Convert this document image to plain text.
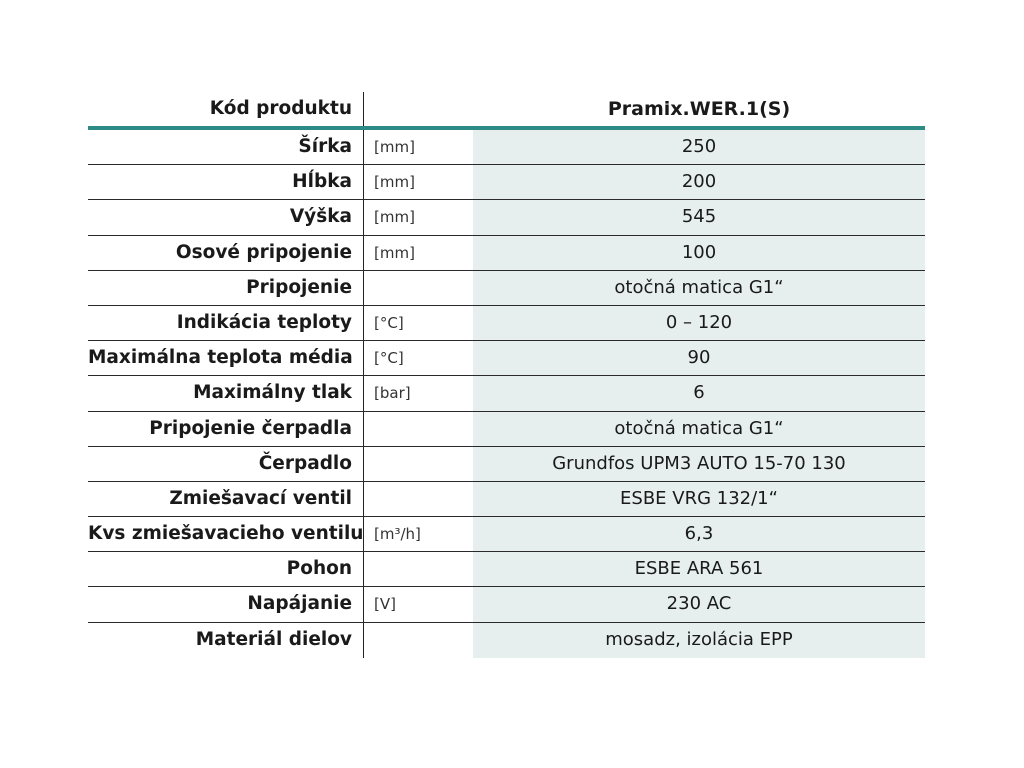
Kód produktu	Pramix.WER.1(S)
Šírka [mm]	250
Hĺbka [mm]	200
Výška [mm]	545
Osové pripojenie [mm]	100
Pripojenie	otočná matica G1“
Indikácia teploty [°C]	0 – 120
Maximálna teplota média [°C]	90
Maximálny tlak [bar]	6
Pripojenie čerpadla	otočná matica G1“
Čerpadlo	Grundfos UPM3 AUTO 15-70 130
Zmiešavací ventil	ESBE VRG 132/1“
Kvs zmiešavacieho ventilu [m³/h]	6,3
Pohon	ESBE ARA 561
Napájanie [V]	230 AC
Materiál dielov	mosadz, izolácia EPP
